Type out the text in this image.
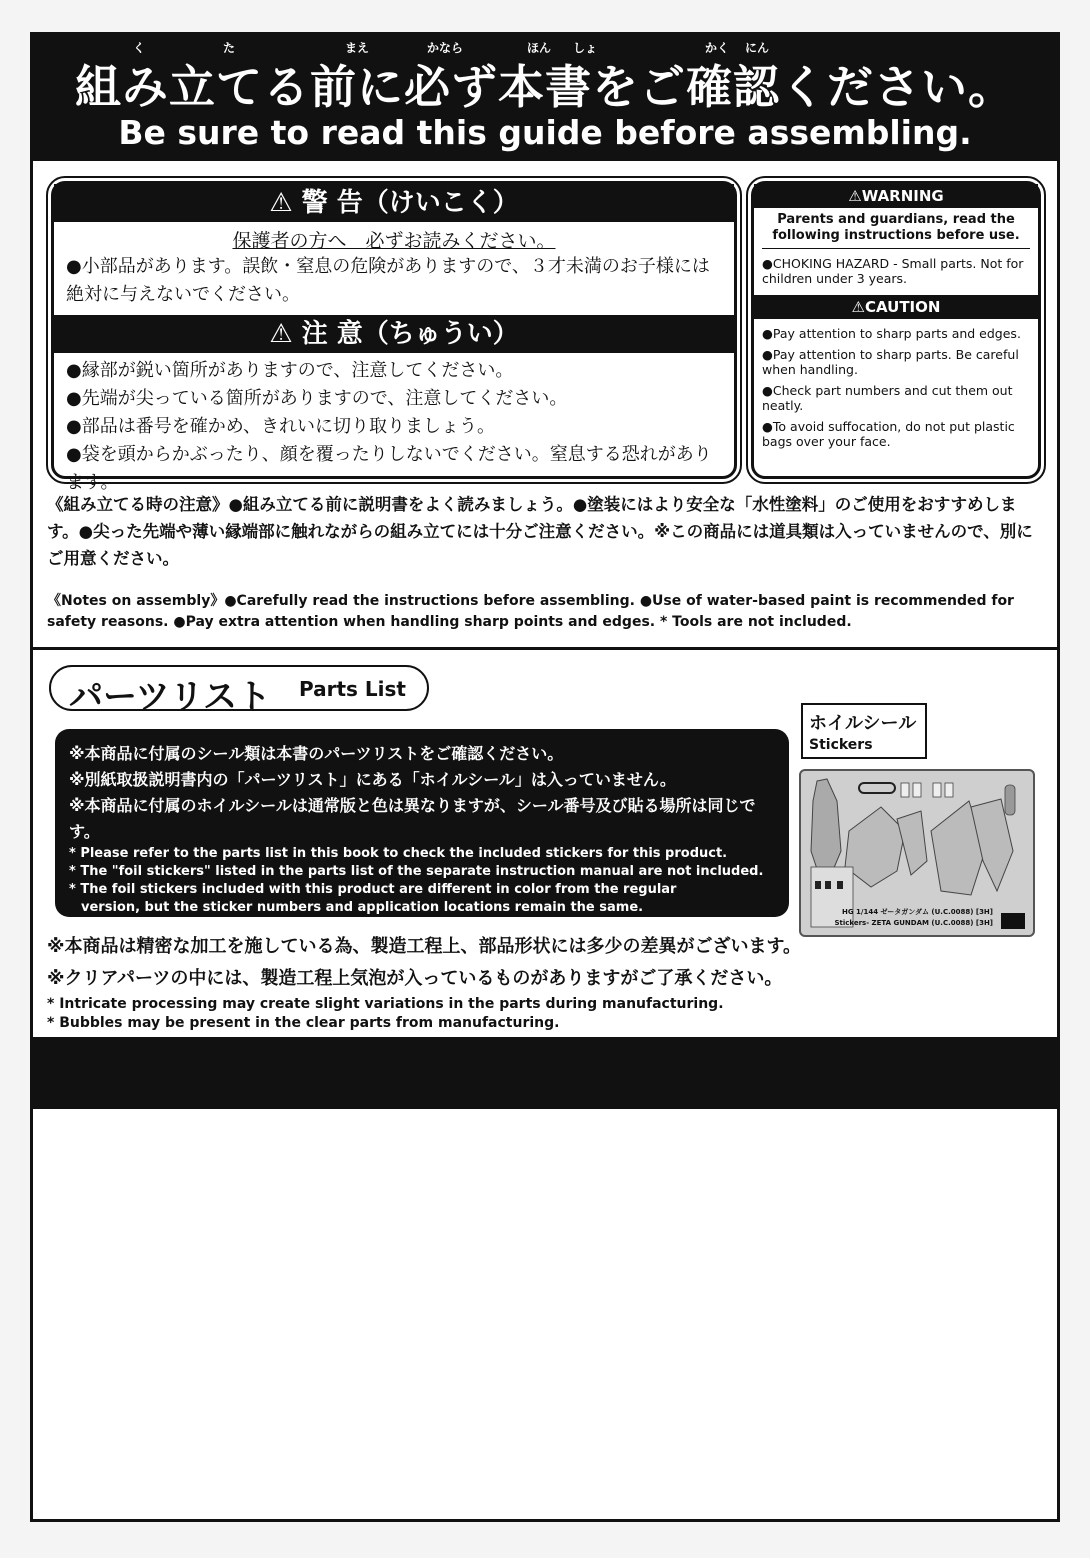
く	た	まえ	かなら	ほん しょ	かく にん
組み立てる前に必ず本書をご確認ください。
Be sure to read this guide before assembling.
⚠ 警 告（けいこく）
保護者の方へ　必ずお読みください。
●小部品があります。誤飲・窒息の危険がありますので、３才未満のお子様には絶対に与えないでください。
⚠ 注 意（ちゅうい）
●縁部が鋭い箇所がありますので、注意してください。
●先端が尖っている箇所がありますので、注意してください。
●部品は番号を確かめ、きれいに切り取りましょう。
●袋を頭からかぶったり、顔を覆ったりしないでください。窒息する恐れがあります。
⚠WARNING
Parents and guardians, read the following instructions before use.
●CHOKING HAZARD - Small parts. Not for children under 3 years.
⚠CAUTION
●Pay attention to sharp parts and edges.
●Pay attention to sharp parts. Be careful when handling.
●Check part numbers and cut them out neatly.
●To avoid suffocation, do not put plastic bags over your face.
《組み立てる時の注意》●組み立てる前に説明書をよく読みましょう。●塗装にはより安全な「水性塗料」のご使用をおすすめします。●尖った先端や薄い縁端部に触れながらの組み立てには十分ご注意ください。※この商品には道具類は入っていませんので、別にご用意ください。
《Notes on assembly》●Carefully read the instructions before assembling. ●Use of water-based paint is recommended for safety reasons. ●Pay extra attention when handling sharp points and edges. * Tools are not included.
パーツリスト Parts List
※本商品に付属のシール類は本書のパーツリストをご確認ください。
※別紙取扱説明書内の「パーツリスト」にある「ホイルシール」は入っていません。
※本商品に付属のホイルシールは通常版と色は異なりますが、シール番号及び貼る場所は同じです。
* Please refer to the parts list in this book to check the included stickers for this product.
* The "foil stickers" listed in the parts list of the separate instruction manual are not included.
* The foil stickers included with this product are different in color from the regular
version, but the sticker numbers and application locations remain the same.
ホイルシール
Stickers
HG 1/144 ゼータガンダム (U.C.0088) [3H]
Stickers- ZETA GUNDAM (U.C.0088) [3H]
※本商品は精密な加工を施している為、製造工程上、部品形状には多少の差異がございます。
※クリアパーツの中には、製造工程上気泡が入っているものがありますがご了承ください。
* Intricate processing may create slight variations in the parts during manufacturing.
* Bubbles may be present in the clear parts from manufacturing.
